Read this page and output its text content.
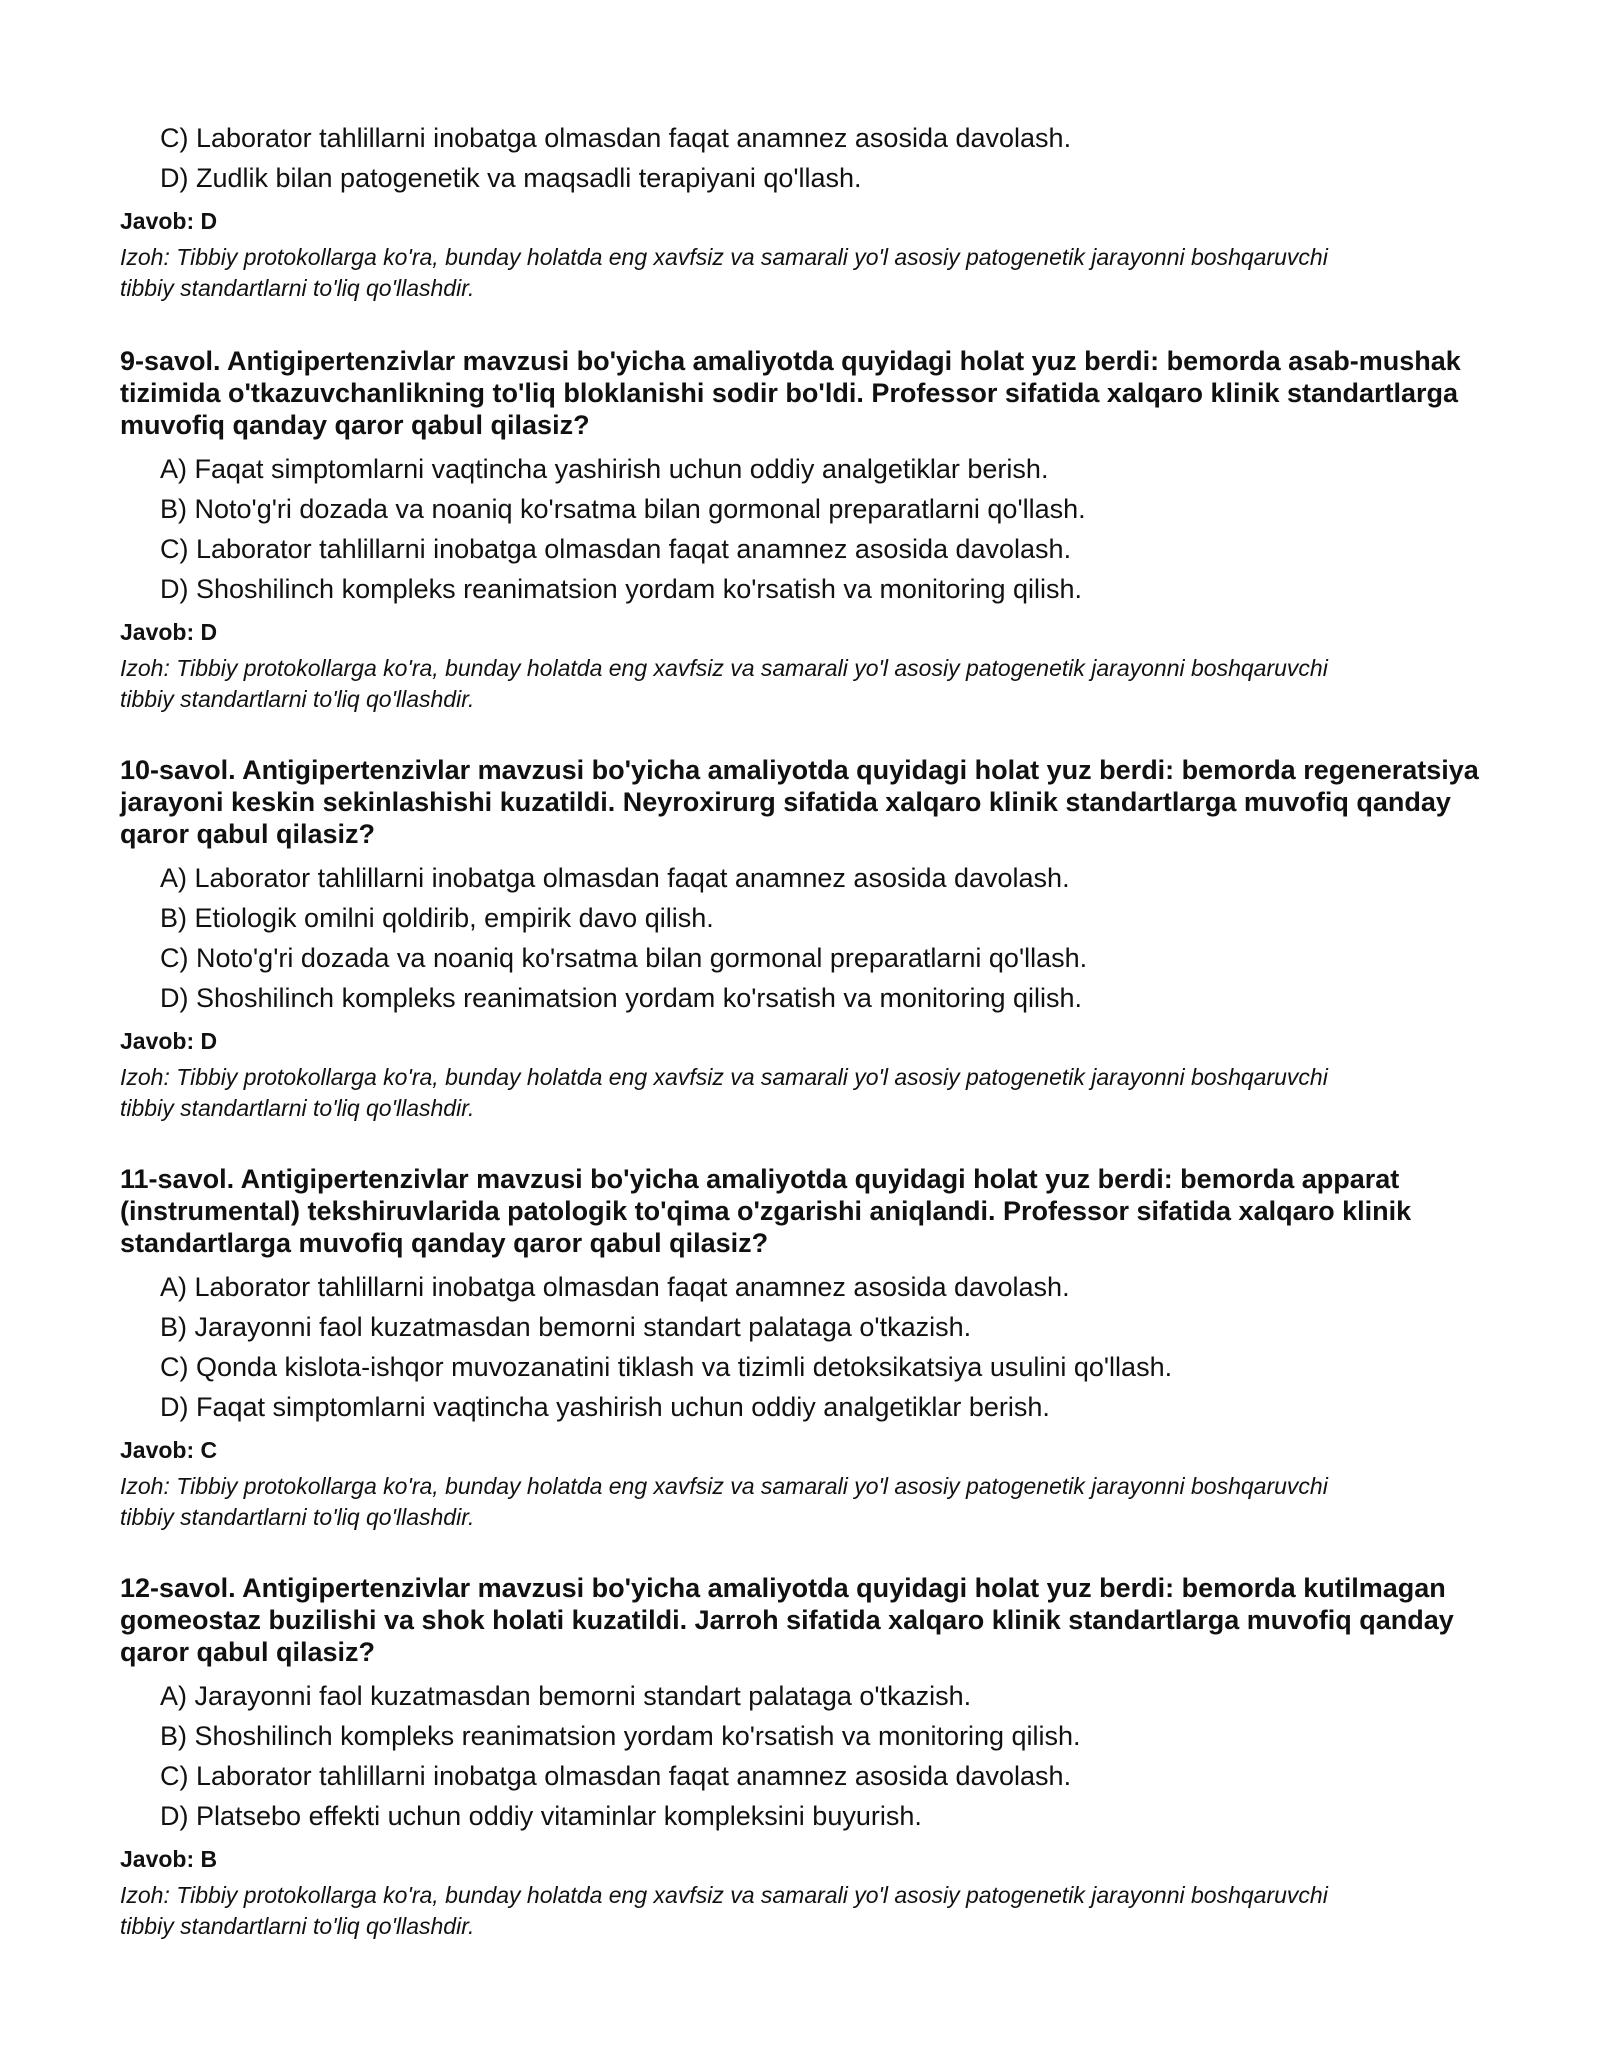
C) Laborator tahlillarni inobatga olmasdan faqat anamnez asosida davolash.
D) Zudlik bilan patogenetik va maqsadli terapiyani qo'llash.
Javob: D

Izoh: Tibbiy protokollarga ko'ra, bunday holatda eng xavfsiz va samarali yo'l asosiy patogenetik jarayonni boshqaruvchi tibbiy standartlarni to'liq qo'llashdir.

9-savol. Antigipertenzivlar mavzusi bo'yicha amaliyotda quyidagi holat yuz berdi: bemorda asab-mushak tizimida o'tkazuvchanlikning to'liq bloklanishi sodir bo'ldi. Professor sifatida xalqaro klinik standartlarga muvofiq qanday qaror qabul qilasiz?
A) Faqat simptomlarni vaqtincha yashirish uchun oddiy analgetiklar berish.
B) Noto'g'ri dozada va noaniq ko'rsatma bilan gormonal preparatlarni qo'llash.
C) Laborator tahlillarni inobatga olmasdan faqat anamnez asosida davolash.
D) Shoshilinch kompleks reanimatsion yordam ko'rsatish va monitoring qilish.
Javob: D

Izoh: Tibbiy protokollarga ko'ra, bunday holatda eng xavfsiz va samarali yo'l asosiy patogenetik jarayonni boshqaruvchi tibbiy standartlarni to'liq qo'llashdir.

10-savol. Antigipertenzivlar mavzusi bo'yicha amaliyotda quyidagi holat yuz berdi: bemorda regeneratsiya jarayoni keskin sekinlashishi kuzatildi. Neyroxirurg sifatida xalqaro klinik standartlarga muvofiq qanday qaror qabul qilasiz?
A) Laborator tahlillarni inobatga olmasdan faqat anamnez asosida davolash.
B) Etiologik omilni qoldirib, empirik davo qilish.
C) Noto'g'ri dozada va noaniq ko'rsatma bilan gormonal preparatlarni qo'llash.
D) Shoshilinch kompleks reanimatsion yordam ko'rsatish va monitoring qilish.
Javob: D

Izoh: Tibbiy protokollarga ko'ra, bunday holatda eng xavfsiz va samarali yo'l asosiy patogenetik jarayonni boshqaruvchi tibbiy standartlarni to'liq qo'llashdir.

11-savol. Antigipertenzivlar mavzusi bo'yicha amaliyotda quyidagi holat yuz berdi: bemorda apparat (instrumental) tekshiruvlarida patologik to'qima o'zgarishi aniqlandi. Professor sifatida xalqaro klinik standartlarga muvofiq qanday qaror qabul qilasiz?
A) Laborator tahlillarni inobatga olmasdan faqat anamnez asosida davolash.
B) Jarayonni faol kuzatmasdan bemorni standart palataga o'tkazish.
C) Qonda kislota-ishqor muvozanatini tiklash va tizimli detoksikatsiya usulini qo'llash.
D) Faqat simptomlarni vaqtincha yashirish uchun oddiy analgetiklar berish.
Javob: C

Izoh: Tibbiy protokollarga ko'ra, bunday holatda eng xavfsiz va samarali yo'l asosiy patogenetik jarayonni boshqaruvchi tibbiy standartlarni to'liq qo'llashdir.

12-savol. Antigipertenzivlar mavzusi bo'yicha amaliyotda quyidagi holat yuz berdi: bemorda kutilmagan gomeostaz buzilishi va shok holati kuzatildi. Jarroh sifatida xalqaro klinik standartlarga muvofiq qanday qaror qabul qilasiz?
A) Jarayonni faol kuzatmasdan bemorni standart palataga o'tkazish.
B) Shoshilinch kompleks reanimatsion yordam ko'rsatish va monitoring qilish.
C) Laborator tahlillarni inobatga olmasdan faqat anamnez asosida davolash.
D) Platsebo effekti uchun oddiy vitaminlar kompleksini buyurish.
Javob: B

Izoh: Tibbiy protokollarga ko'ra, bunday holatda eng xavfsiz va samarali yo'l asosiy patogenetik jarayonni boshqaruvchi tibbiy standartlarni to'liq qo'llashdir.
